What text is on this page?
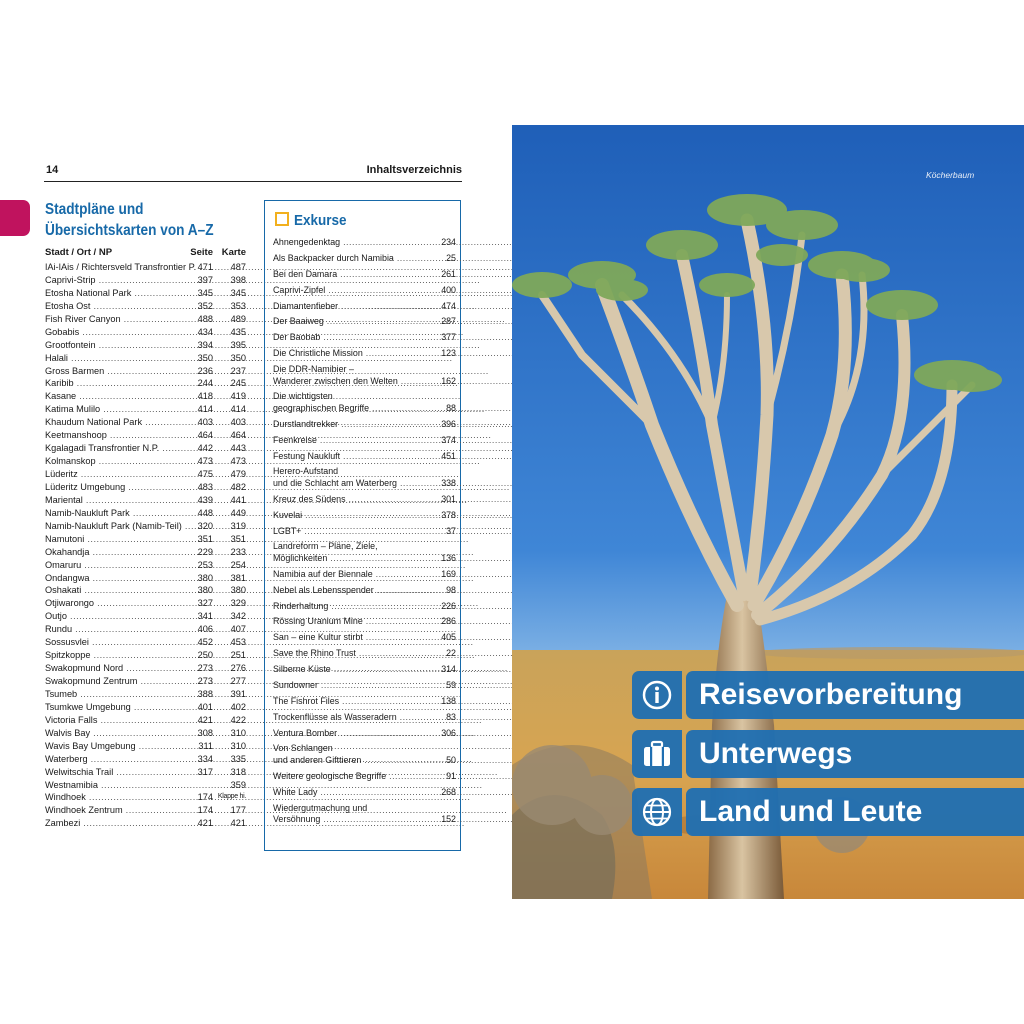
14	Inhaltsverzeichnis
Stadtpläne und
Übersichtskarten von A–Z
Stadt / Ort / NP	Seite Karte
ǀAi-ǀAis / Richtersveld Transfrontier P. ..... 471 487
Caprivi-Strip .....	397 398
Etosha National Park .....	345 345
Etosha Ost .....	352 353
Fish River Canyon .....	488 489
Gobabis .....	434 435
Grootfontein .....	394 395
Halali .....	350 350
Gross Barmen .....	236 237
Karibib .....	244 245
Kasane .....	418 419
Katima Mulilo .....	414 414
Khaudum National Park .....	403 403
Keetmanshoop .....	464 464
Kgalagadi Transfrontier N.P. .....	442 443
Kolmanskop .....	473 473
Lüderitz .....	475 479
Lüderitz Umgebung .....	483 482
Mariental .....	439 441
Namib-Naukluft Park .....	448 449
Namib-Naukluft Park (Namib-Teil) ..... 320 319
Namutoni .....	351 351
Okahandja .....	229 233
Omaruru .....	253 254
Ondangwa .....	380 381
Oshakati .....	380 380
Otjiwarongo .....	327 329
Outjo .....	341 342
Rundu .....	406 407
Sossusvlei .....	452 453
Spitzkoppe .....	250 251
Swakopmund Nord .....	273 276
Swakopmund Zentrum .....	273 277
Tsumeb .....	388 391
Tsumkwe Umgebung .....	401 402
Victoria Falls .....	421 422
Walvis Bay .....	308 310
Wavis Bay Umgebung .....	311 310
Waterberg .....	334 335
Welwitschia Trail .....	317 318
Westnamibia .....	359
Windhoek .....	174 Klappe hi.
Windhoek Zentrum .....	174 177
Zambezi .....	421 421
Exkurse
Ahnengedenktag .....	234
Als Backpacker durch Namibia .....	25
Bei den Damara .....	261
Caprivi-Zipfel .....	400
Diamantenfieber .....	474
Der Baaiweg .....	287
Der Baobab .....	377
Die Christliche Mission .....	123
Die DDR-Namibier –
Wanderer zwischen den Welten .....	162
Die wichtigsten
geographischen Begriffe .....	88
Durstlandtrekker .....	396
Feenkreise .....	374
Festung Naukluft .....	451
Herero-Aufstand
und die Schlacht am Waterberg .....	338
Kreuz des Südens .....	301
Kuvelai .....	378
LGBT+ .....	37
Landreform – Pläne, Ziele,
Möglichkeiten .....	136
Namibia auf der Biennale .....	169
Nebel als Lebensspender .....	98
Rinderhaltung .....	226
Rössing Uranium Mine .....	286
San – eine Kultur stirbt .....	405
Save the Rhino Trust .....	22
Silberne Küste .....	314
Sundowner .....	59
The Fishrot Files .....	138
Trockenflüsse als Wasseradern .....	83
Ventura Bomber .....	306
Von Schlangen
und anderen Gifttieren .....	50
Weitere geologische Begriffe .....	91
White Lady .....	268
Wiedergutmachung und
Versöhnung .....	152
Köcherbaum
Reisevorbereitung
Unterwegs
Land und Leute
